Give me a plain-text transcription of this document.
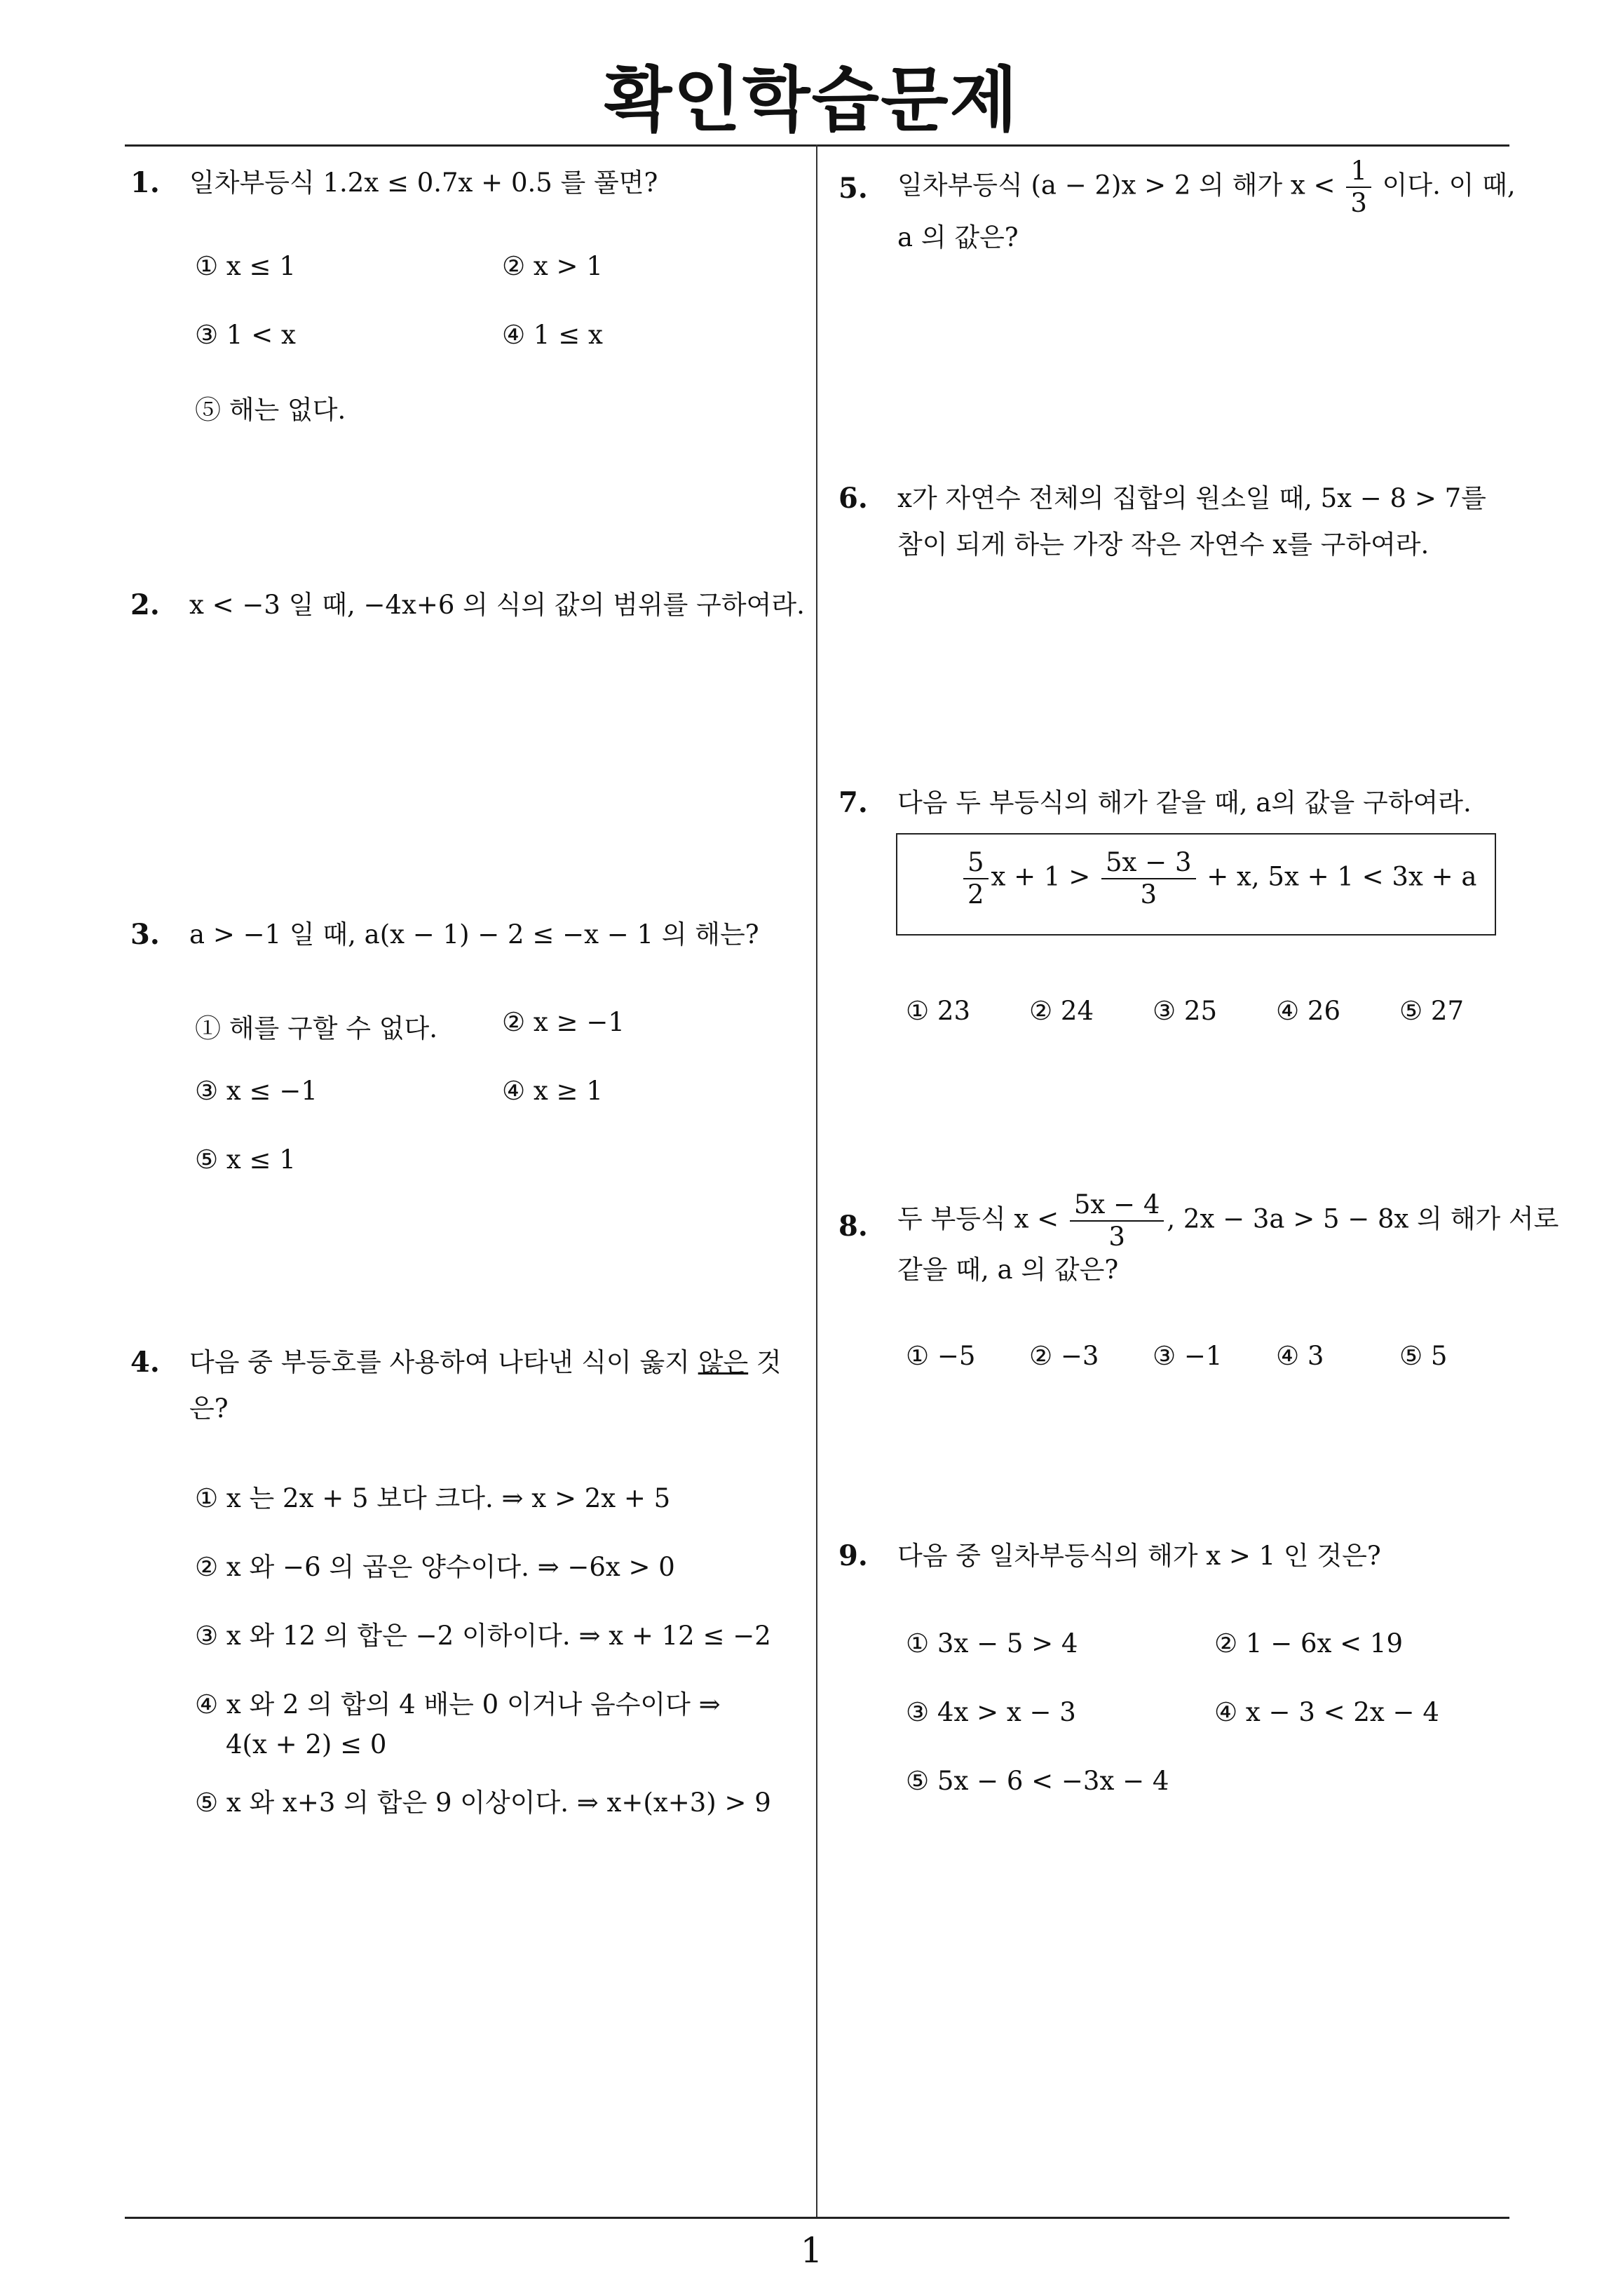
확인학습문제
1
1. 일차부등식 1.2x ≤ 0.7x + 0.5 를 풀면?
① x ≤ 1	② x > 1
③ 1 < x	④ 1 ≤ x
⑤ 해는 없다.
2. x < −3 일 때, −4x+6 의 식의 값의 범위를 구하여라.
3. a > −1 일 때, a(x − 1) − 2 ≤ −x − 1 의 해는?
① 해를 구할 수 없다. ② x ≥ −1
③ x ≤ −1	④ x ≥ 1
⑤ x ≤ 1
4. 다음 중 부등호를 사용하여 나타낸 식이 옳지 않은 것
은?
① x 는 2x + 5 보다 크다. ⇒ x > 2x + 5
② x 와 −6 의 곱은 양수이다. ⇒ −6x > 0
③ x 와 12 의 합은 −2 이하이다. ⇒ x + 12 ≤ −2
④ x 와 2 의 합의 4 배는 0 이거나 음수이다 ⇒
4(x + 2) ≤ 0
⑤ x 와 x+3 의 합은 9 이상이다. ⇒ x+(x+3) > 9
5. 일차부등식 (a − 2)x > 2 의 해가 $x < \frac{1}{3}$ 이다. 이 때,
a 의 값은?
6. x가 자연수 전체의 집합의 원소일 때, 5x − 8 > 7를
참이 되게 하는 가장 작은 자연수 x를 구하여라.
7. 다음 두 부등식의 해가 같을 때, a의 값을 구하여라.
$\frac{5}{2}$ $x + 1 > \frac{5x - 3}{3} + x$, 5x + 1 < 3x + a
① 23 ② 24 ③ 25 ④ 26 ⑤ 27
8. 두 부등식 $x < \frac{5x - 4}{3}$ , 2x − 3a > 5 − 8x 의 해가 서로
같을 때, a 의 값은?
① −5 ② −3 ③ −1 ④ 3	⑤ 5
9. 다음 중 일차부등식의 해가 x > 1 인 것은?
① 3x − 5 > 4	② 1 − 6x < 19
③ 4x > x − 3	④ x − 3 < 2x − 4
⑤ 5x − 6 < −3x − 4
